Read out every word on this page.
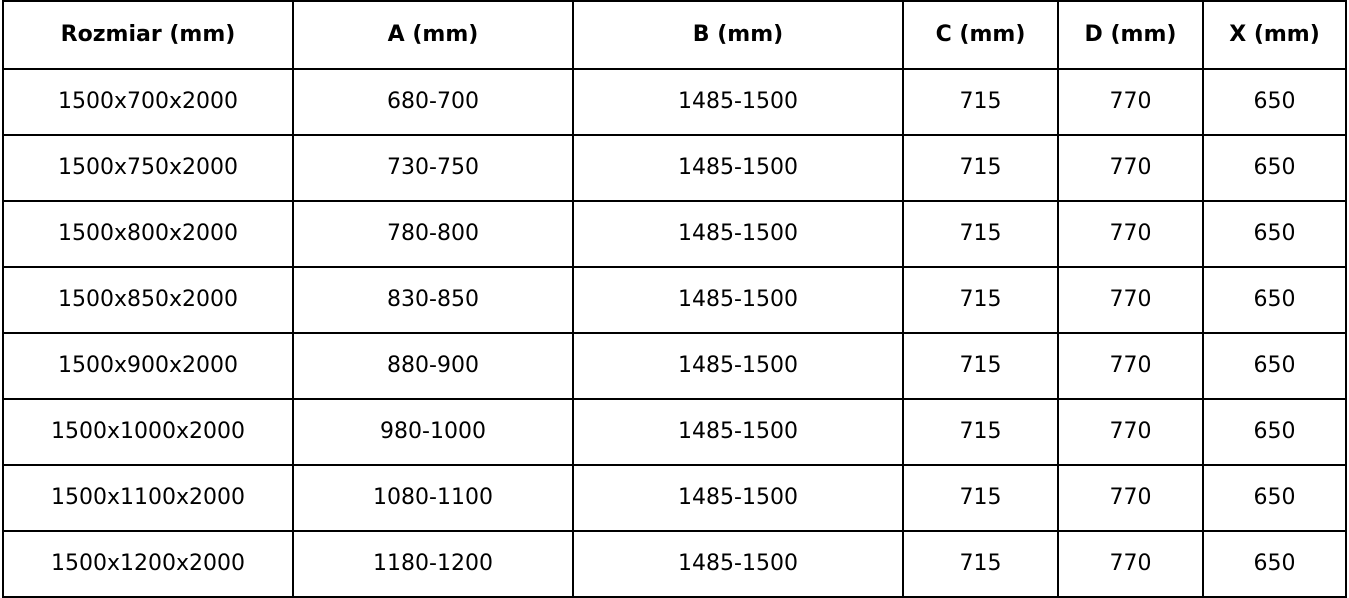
Rozmiar (mm)	A (mm)	B (mm)	C (mm)	D (mm)	X (mm)
1500x700x2000	680-700	1485-1500	715	770	650
1500x750x2000	730-750	1485-1500	715	770	650
1500x800x2000	780-800	1485-1500	715	770	650
1500x850x2000	830-850	1485-1500	715	770	650
1500x900x2000	880-900	1485-1500	715	770	650
1500x1000x2000	980-1000	1485-1500	715	770	650
1500x1100x2000	1080-1100	1485-1500	715	770	650
1500x1200x2000	1180-1200	1485-1500	715	770	650
